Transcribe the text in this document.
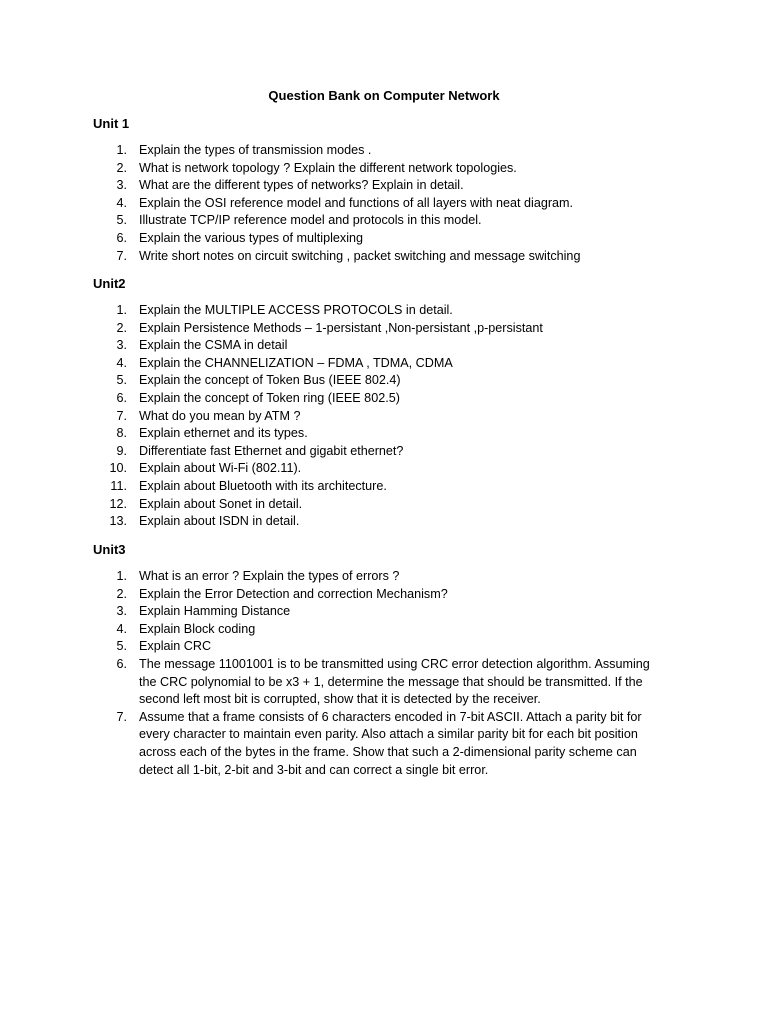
Question Bank on Computer Network
Unit 1
1. Explain the types of transmission modes .
2. What is network topology ? Explain the different network topologies.
3. What are the different types of networks? Explain in detail.
4. Explain the OSI reference model and functions of all layers with neat diagram.
5. Illustrate TCP/IP reference model and protocols in this model.
6. Explain the various types of multiplexing
7. Write short notes on circuit switching , packet switching and message switching
Unit2
1. Explain the MULTIPLE ACCESS PROTOCOLS in detail.
2. Explain Persistence Methods – 1-persistant ,Non-persistant ,p-persistant
3. Explain the CSMA in detail
4. Explain the CHANNELIZATION – FDMA , TDMA, CDMA
5. Explain the concept of Token Bus (IEEE 802.4)
6. Explain the concept of Token ring (IEEE 802.5)
7. What do you mean by ATM ?
8. Explain ethernet and its types.
9. Differentiate fast Ethernet and gigabit ethernet?
10. Explain about Wi-Fi (802.11).
11. Explain about Bluetooth with its architecture.
12. Explain about Sonet in detail.
13. Explain about ISDN in detail.
Unit3
1. What is an error ? Explain the types of errors ?
2. Explain the Error Detection and correction Mechanism?
3. Explain Hamming Distance
4. Explain Block coding
5. Explain CRC
6. The message 11001001 is to be transmitted using CRC error detection algorithm. Assuming the CRC polynomial to be x3 + 1, determine the message that should be transmitted. If the second left most bit is corrupted, show that it is detected by the receiver.
7. Assume that a frame consists of 6 characters encoded in 7-bit ASCII. Attach a parity bit for every character to maintain even parity. Also attach a similar parity bit for each bit position across each of the bytes in the frame. Show that such a 2-dimensional parity scheme can detect all 1-bit, 2-bit and 3-bit and can correct a single bit error.
